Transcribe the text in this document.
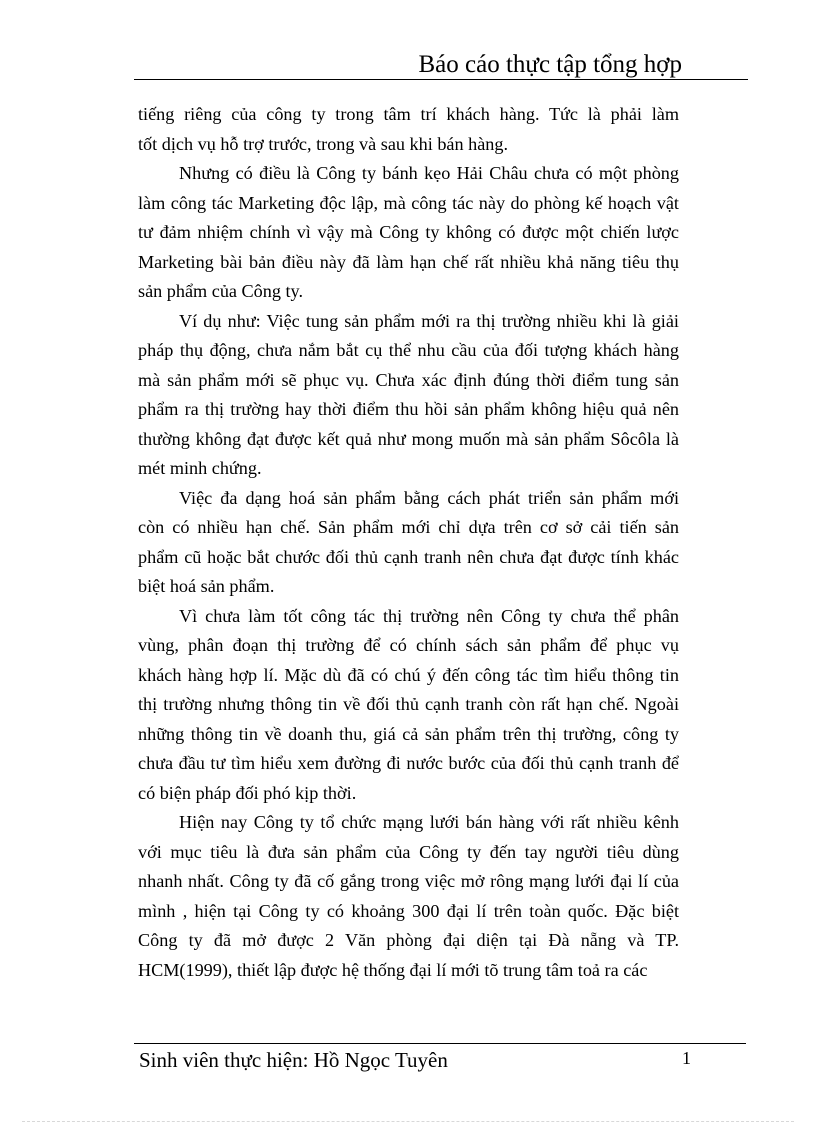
Báo cáo thực tập tổng hợp

tiếng riêng của công ty trong tâm trí khách hàng. Tức là phải làm

tốt dịch vụ hỗ trợ trước, trong và sau khi bán hàng.

Nhưng có điều là Công ty bánh kẹo Hải Châu chưa có một phòng

làm công tác Marketing độc lập, mà công tác này do phòng kế hoạch vật

tư đảm nhiệm chính vì vậy mà Công ty không có được một chiến lược

Marketing bài bản điều này đã làm hạn chế rất nhiều khả năng tiêu thụ

sản phẩm của Công ty.

Ví dụ như: Việc tung sản phẩm mới ra thị trường nhiều khi là giải

pháp thụ động, chưa nắm bắt cụ thể nhu cầu của đối tượng khách hàng

mà sản phẩm mới sẽ phục vụ. Chưa xác định đúng thời điểm tung sản

phẩm ra thị trường hay thời điểm thu hồi sản phẩm không hiệu quả nên

thường không đạt được kết quả như mong muốn mà sản phẩm Sôcôla là

mét minh chứng.

Việc đa dạng hoá sản phẩm bằng cách phát triển sản phẩm mới

còn có nhiều hạn chế. Sản phẩm mới chỉ dựa trên cơ sở cải tiến sản

phẩm cũ hoặc bắt chước đối thủ cạnh tranh nên chưa đạt được tính khác

biệt hoá sản phẩm.

Vì chưa làm tốt công tác thị trường nên Công ty chưa thể phân

vùng, phân đoạn thị trường để có chính sách sản phẩm để phục vụ

khách hàng hợp lí. Mặc dù đã có chú ý đến công tác tìm hiểu thông tin

thị trường nhưng thông tin về đối thủ cạnh tranh còn rất hạn chế. Ngoài

những thông tin về doanh thu, giá cả sản phẩm trên thị trường, công ty

chưa đầu tư tìm hiểu xem đường đi nước bước của đối thủ cạnh tranh để

có biện pháp đối phó kịp thời.

Hiện nay Công ty tổ chức mạng lưới bán hàng với rất nhiều kênh

với mục tiêu là đưa sản phẩm của Công ty đến tay người tiêu dùng

nhanh nhất. Công ty đã cố gắng trong việc mở rông mạng lưới đại lí của

mình , hiện tại Công ty có khoảng 300 đại lí trên toàn quốc. Đặc biệt

Công ty đã mở được 2 Văn phòng đại diện tại Đà nẵng và TP.

HCM(1999), thiết lập được hệ thống đại lí mới tõ trung tâm toả ra các

Sinh viên thực hiện: Hồ Ngọc Tuyên	1
